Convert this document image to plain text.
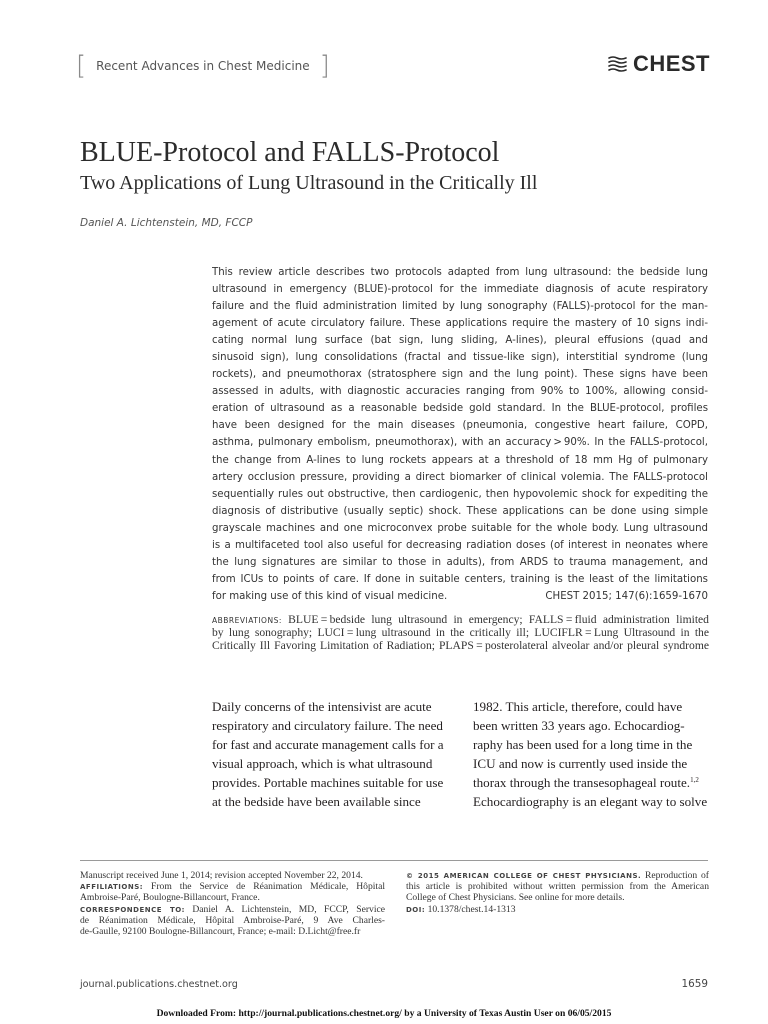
[ Recent Advances in Chest Medicine ]	CHEST
BLUE-Protocol and FALLS-Protocol
Two Applications of Lung Ultrasound in the Critically Ill
Daniel A. Lichtenstein, MD, FCCP
This review article describes two protocols adapted from lung ultrasound: the bedside lung
ultrasound in emergency (BLUE)-protocol for the immediate diagnosis of acute respiratory
failure and the fluid administration limited by lung sonography (FALLS)-protocol for the man-
agement of acute circulatory failure. These applications require the mastery of 10 signs indi-
cating normal lung surface (bat sign, lung sliding, A-lines), pleural effusions (quad and
sinusoid sign), lung consolidations (fractal and tissue-like sign), interstitial syndrome (lung
rockets), and pneumothorax (stratosphere sign and the lung point). These signs have been
assessed in adults, with diagnostic accuracies ranging from 90% to 100%, allowing consid-
eration of ultrasound as a reasonable bedside gold standard. In the BLUE-protocol, profiles
have been designed for the main diseases (pneumonia, congestive heart failure, COPD,
asthma, pulmonary embolism, pneumothorax), with an accuracy > 90%. In the FALLS-protocol,
the change from A-lines to lung rockets appears at a threshold of 18 mm Hg of pulmonary
artery occlusion pressure, providing a direct biomarker of clinical volemia. The FALLS-protocol
sequentially rules out obstructive, then cardiogenic, then hypovolemic shock for expediting the
diagnosis of distributive (usually septic) shock. These applications can be done using simple
grayscale machines and one microconvex probe suitable for the whole body. Lung ultrasound
is a multifaceted tool also useful for decreasing radiation doses (of interest in neonates where
the lung signatures are similar to those in adults), from ARDS to trauma management, and
from ICUs to points of care. If done in suitable centers, training is the least of the limitations
for making use of this kind of visual medicine.	CHEST 2015; 147(6):1659-1670
ABBREVIATIONS: BLUE = bedside lung ultrasound in emergency; FALLS = fluid administration limited
by lung sonography; LUCI = lung ultrasound in the critically ill; LUCIFLR = Lung Ultrasound in the
Critically Ill Favoring Limitation of Radiation; PLAPS = posterolateral alveolar and/or pleural syndrome
Daily concerns of the intensivist are acute
respiratory and circulatory failure. The need
for fast and accurate management calls for a
visual approach, which is what ultrasound
provides. Portable machines suitable for use
at the bedside have been available since
1982. This article, therefore, could have
been written 33 years ago. Echocardiog-
raphy has been used for a long time in the
ICU and now is currently used inside the
thorax through the transesophageal route.$^{1,2}$
Echocardiography is an elegant way to solve
Manuscript received June 1, 2014; revision accepted November 22, 2014.
AFFILIATIONS: From the Service de Réanimation Médicale, Hôpital
Ambroise-Paré, Boulogne-Billancourt, France.
CORRESPONDENCE TO: Daniel A. Lichtenstein, MD, FCCP, Service
de Réanimation Médicale, Hôpital Ambroise-Paré, 9 Ave Charles-
de-Gaulle, 92100 Boulogne-Billancourt, France; e-mail: D.Licht@free.fr
© 2015 AMERICAN COLLEGE OF CHEST PHYSICIANS. Reproduction of
this article is prohibited without written permission from the American
College of Chest Physicians. See online for more details.
DOI: 10.1378/chest.14-1313
journal.publications.chestnet.org	1659
Downloaded From: http://journal.publications.chestnet.org/ by a University of Texas Austin User on 06/05/2015
